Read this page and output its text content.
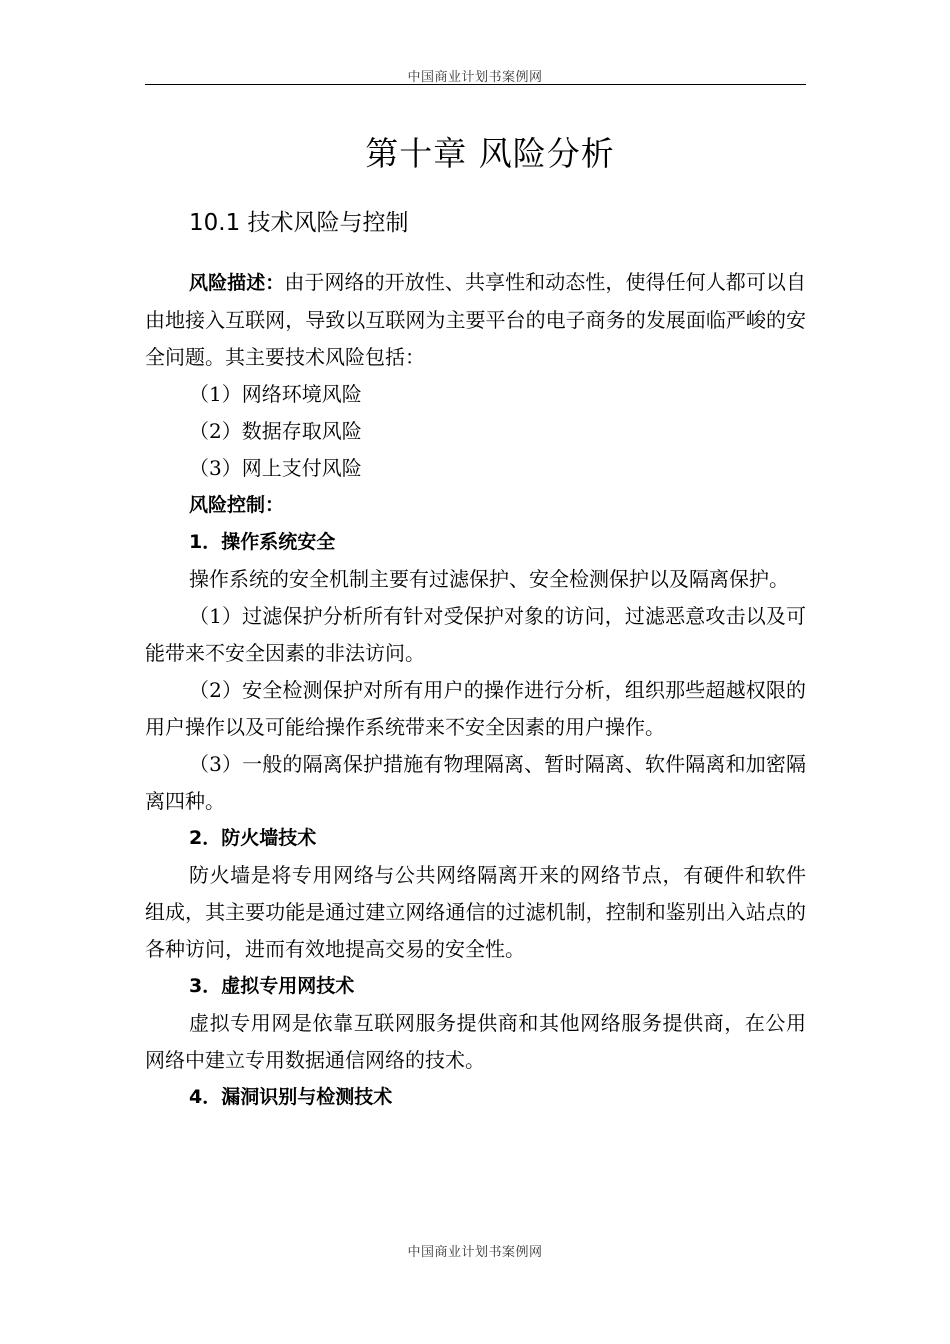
中国商业计划书案例网
第十章 风险分析
10.1 技术风险与控制

风险描述：由于网络的开放性、共享性和动态性，使得任何人都可以自由地接入互联网，导致以互联网为主要平台的电子商务的发展面临严峻的安全问题。其主要技术风险包括：

（1）网络环境风险

（2）数据存取风险

（3）网上支付风险

风险控制：

1．操作系统安全

操作系统的安全机制主要有过滤保护、安全检测保护以及隔离保护。

（1）过滤保护分析所有针对受保护对象的访问，过滤恶意攻击以及可能带来不安全因素的非法访问。

（2）安全检测保护对所有用户的操作进行分析，组织那些超越权限的用户操作以及可能给操作系统带来不安全因素的用户操作。

（3）一般的隔离保护措施有物理隔离、暂时隔离、软件隔离和加密隔离四种。

2．防火墙技术

防火墙是将专用网络与公共网络隔离开来的网络节点，有硬件和软件组成，其主要功能是通过建立网络通信的过滤机制，控制和鉴别出入站点的各种访问，进而有效地提高交易的安全性。

3．虚拟专用网技术

虚拟专用网是依靠互联网服务提供商和其他网络服务提供商，在公用网络中建立专用数据通信网络的技术。

4．漏洞识别与检测技术

中国商业计划书案例网
